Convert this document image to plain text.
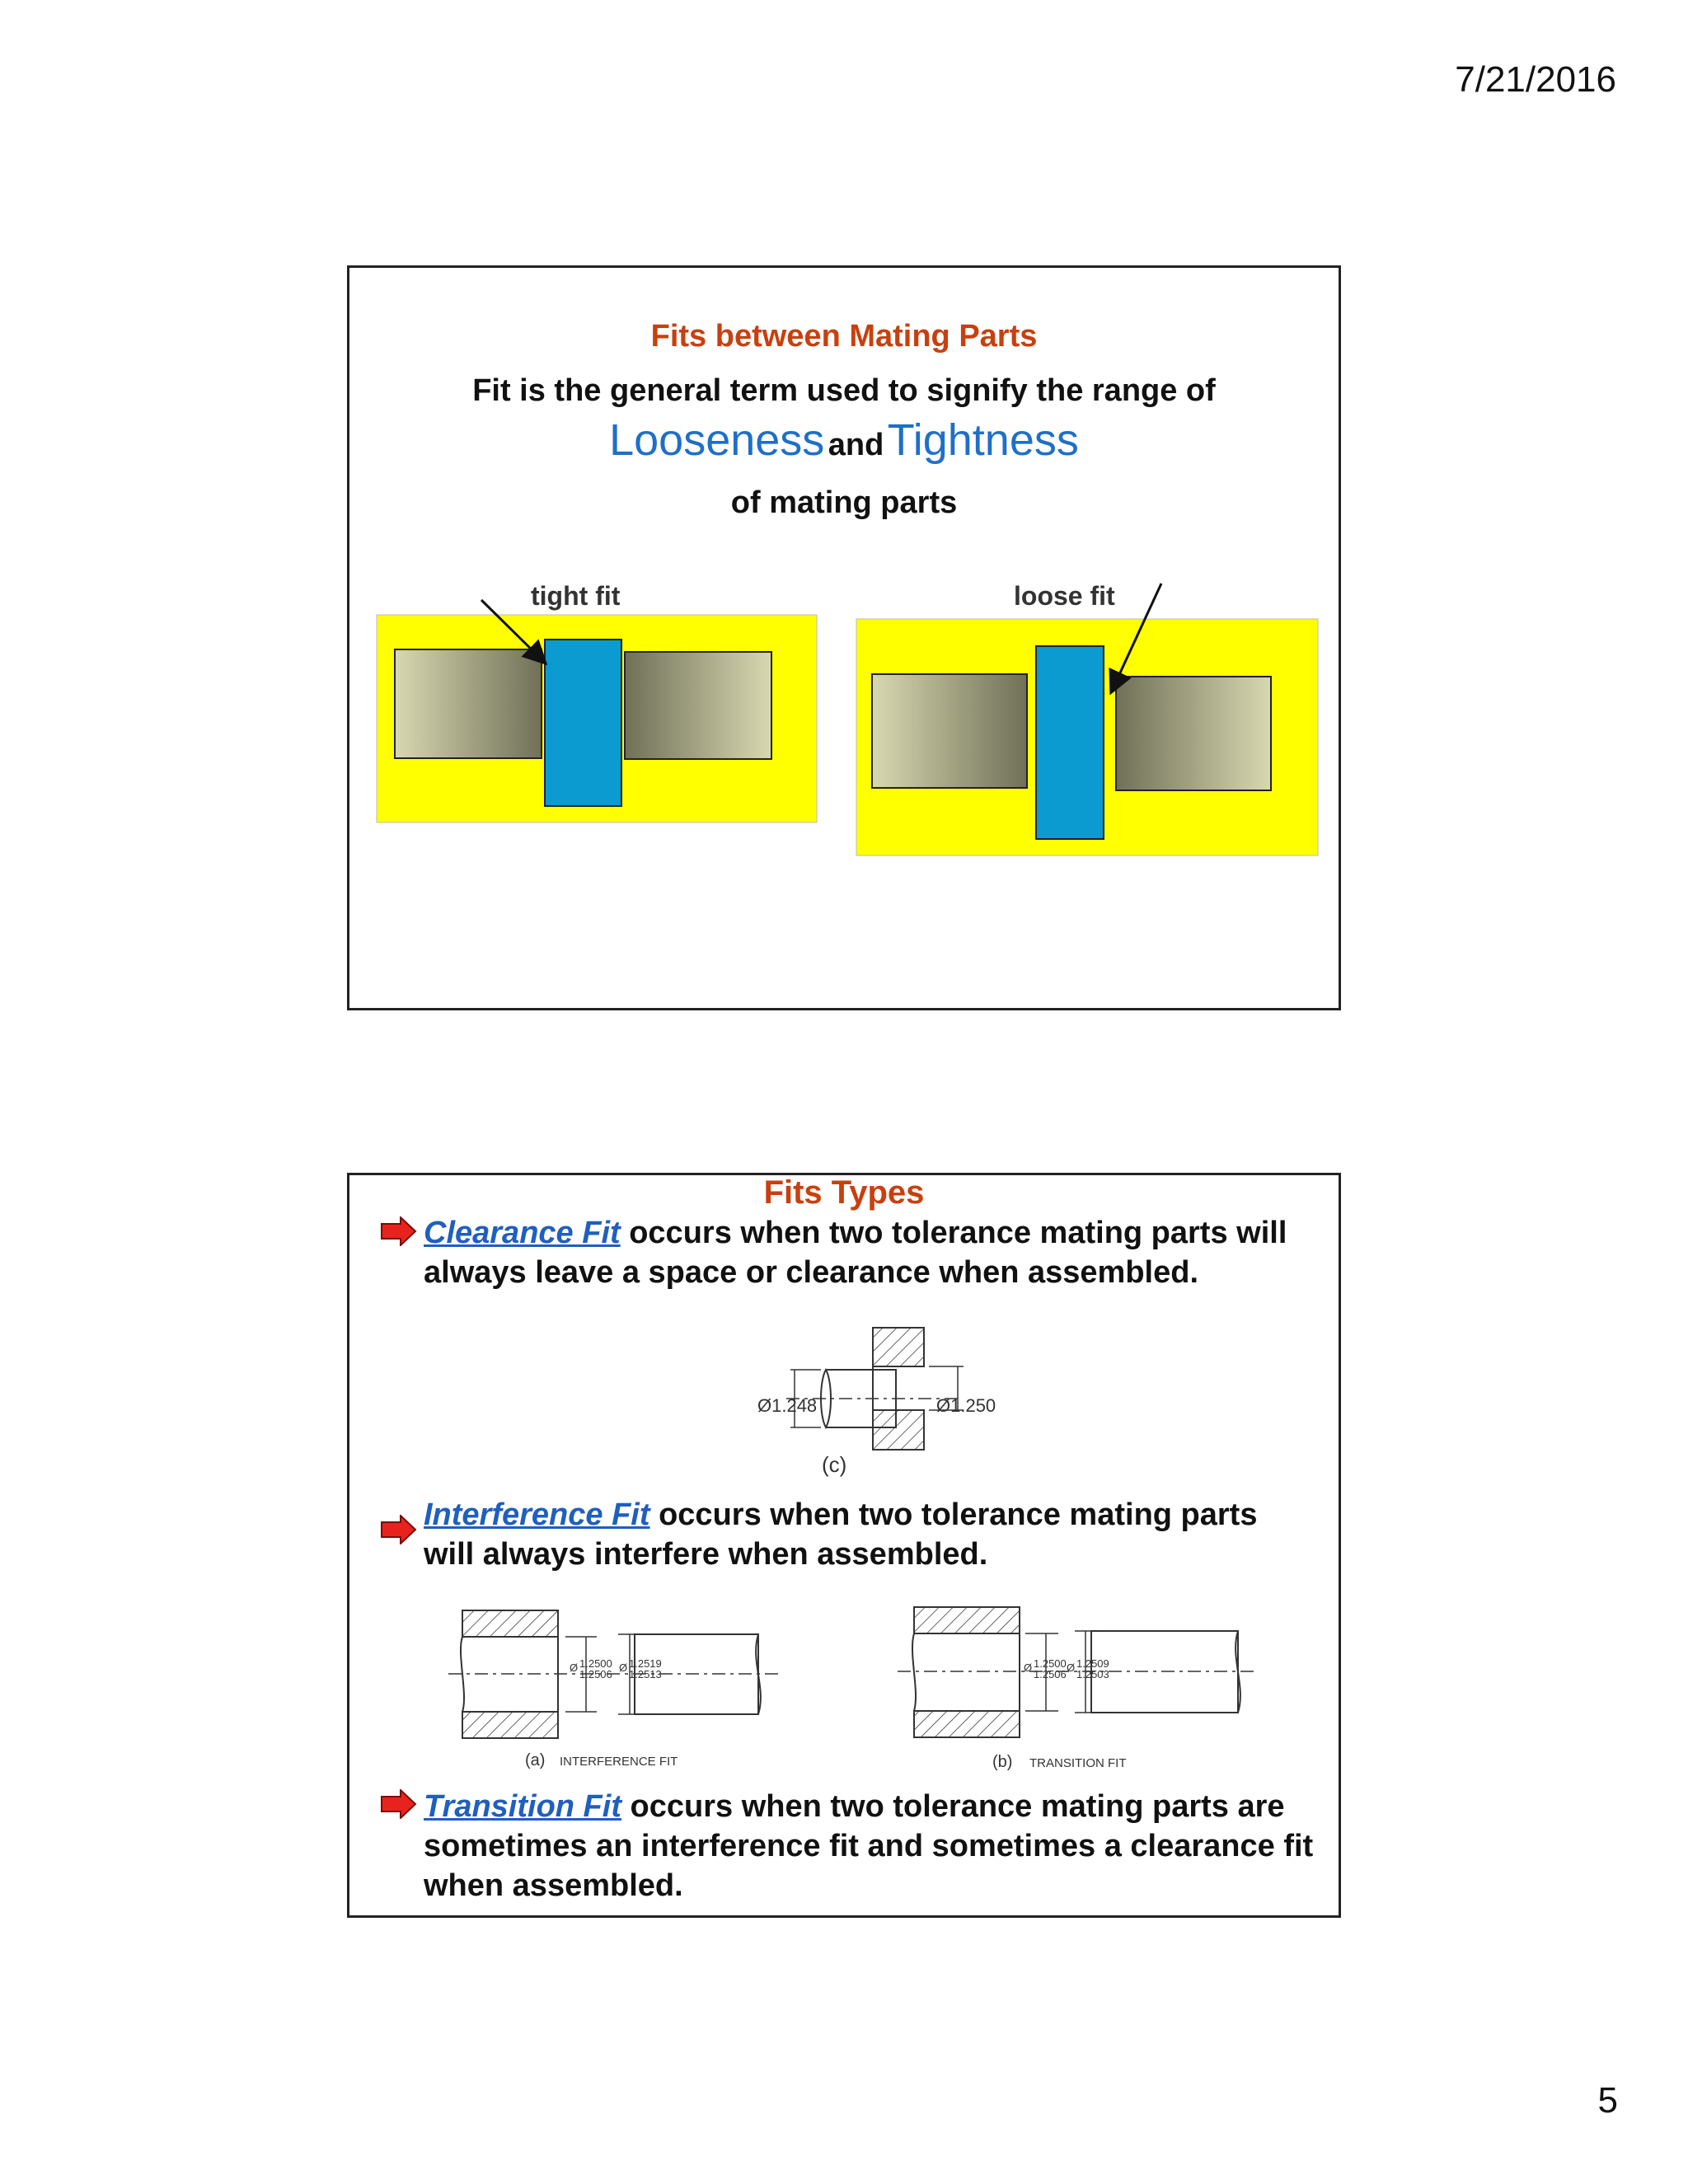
7/21/2016
Fits between Mating Parts
Fit is the general term used to signify the range of
Looseness and Tightness
of mating parts
tight fit	loose fit
Fits Types
Clearance Fit occurs when two tolerance mating parts will always leave a space or clearance when assembled.
Interference Fit occurs when two tolerance mating parts will always interfere when assembled.
Transition Fit occurs when two tolerance mating parts are sometimes an interference fit and sometimes a clearance fit when assembled.
Ø1.248	Ø1.250
(c)
Ø 1.2500
1.2506
Ø 1.2519
1.2513
(a) INTERFERENCE FIT
Ø 1.2500
1.2506
Ø 1.2509
1.2503
(b) TRANSITION FIT
5
